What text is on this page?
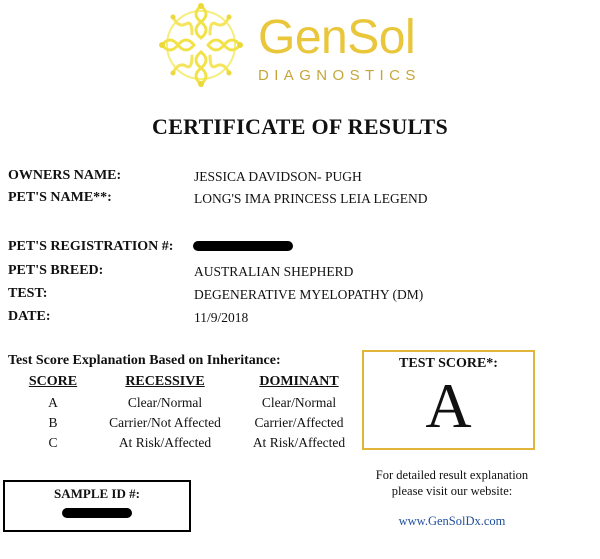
GenSol
DIAGNOSTICS
CERTIFICATE OF RESULTS
OWNERS NAME:	JESSICA DAVIDSON- PUGH
PET'S NAME**:	LONG'S IMA PRINCESS LEIA LEGEND
PET'S REGISTRATION #:
PET'S BREED:	AUSTRALIAN SHEPHERD
TEST:	DEGENERATIVE MYELOPATHY (DM)
DATE:	11/9/2018
Test Score Explanation Based on Inheritance:
SCORE	RECESSIVE	DOMINANT
A	Clear/Normal	Clear/Normal
B	Carrier/Not Affected	Carrier/Affected
C	At Risk/Affected	At Risk/Affected
TEST SCORE*:
A
For detailed result explanation
please visit our website:
www.GenSolDx.com
SAMPLE ID #:
